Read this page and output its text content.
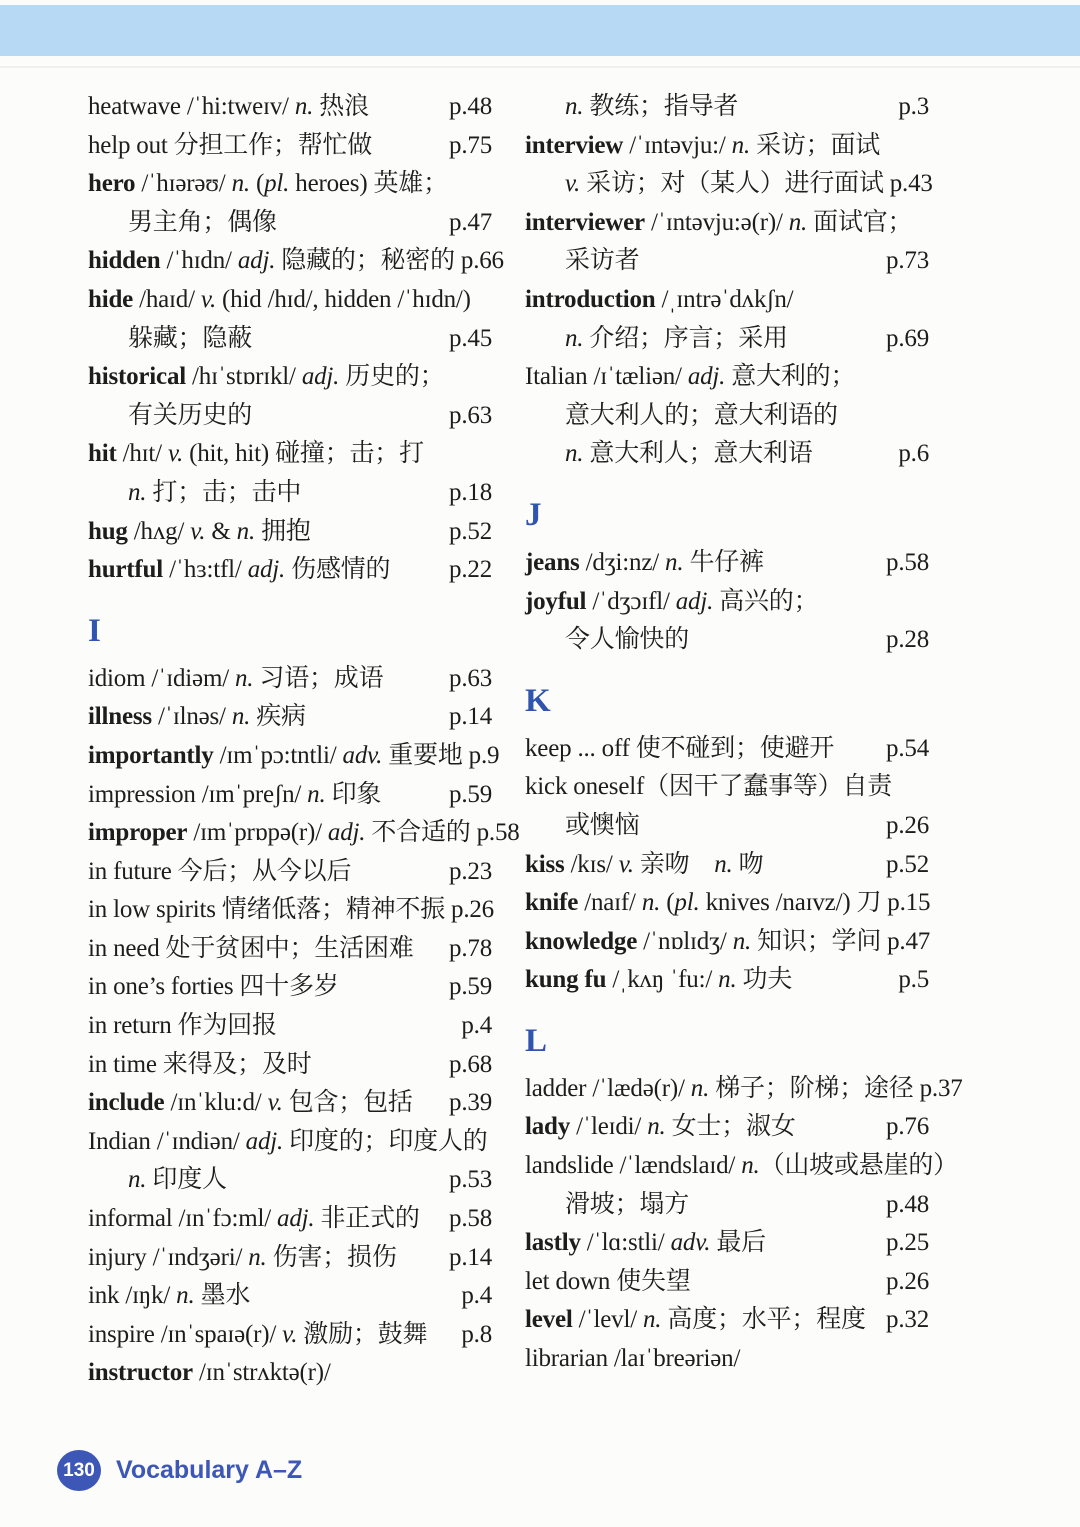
heatwave /ˈhi:tweɪv/ n. 热浪	p.48
help out 分担工作；帮忙做	p.75
hero /ˈhɪərəʊ/ n. (pl. heroes) 英雄；
男主角；偶像	p.47
hidden /ˈhɪdn/ adj. 隐藏的；秘密的 p.66
hide /haɪd/ v. (hid /hɪd/, hidden /ˈhɪdn/)
躲藏；隐蔽	p.45
historical /hɪˈstɒrɪkl/ adj. 历史的；
有关历史的	p.63
hit /hɪt/ v. (hit, hit) 碰撞；击；打
n. 打；击；击中	p.18
hug /hʌg/ v. & n. 拥抱	p.52
hurtful /ˈhɜ:tfl/ adj. 伤感情的 p.22
I
idiom /ˈɪdiəm/ n. 习语；成语	p.63
illness /ˈɪlnəs/ n. 疾病	p.14
importantly /ɪmˈpɔ:tntli/ adv. 重要地 p.9
impression /ɪmˈpreʃn/ n. 印象	p.59
improper /ɪmˈprɒpə(r)/ adj. 不合适的 p.58
in future 今后；从今以后	p.23
in low spirits 情绪低落；精神不振 p.26
in need 处于贫困中；生活困难 p.78
in one’s forties 四十多岁	p.59
in return 作为回报	p.4
in time 来得及；及时	p.68
include /ɪnˈklu:d/ v. 包含；包括 p.39
Indian /ˈɪndiən/ adj. 印度的；印度人的
n. 印度人	p.53
informal /ɪnˈfɔ:ml/ adj. 非正式的 p.58
injury /ˈɪndʒəri/ n. 伤害；损伤 p.14
ink /ɪŋk/ n. 墨水	p.4
inspire /ɪnˈspaɪə(r)/ v. 激励；鼓舞 p.8
instructor /ɪnˈstrʌktə(r)/
n. 教练；指导者	p.3
interview /ˈɪntəvju:/ n. 采访；面试
v. 采访；对（某人）进行面试 p.43
interviewer /ˈɪntəvju:ə(r)/ n. 面试官；
采访者	p.73
introduction /ˌɪntrəˈdʌkʃn/
n. 介绍；序言；采用	p.69
Italian /ɪˈtæliən/ adj. 意大利的；
意大利人的；意大利语的
n. 意大利人；意大利语	p.6
J
jeans /dʒi:nz/ n. 牛仔裤	p.58
joyful /ˈdʒɔɪfl/ adj. 高兴的；
令人愉快的	p.28
K
keep ... off 使不碰到；使避开 p.54
kick oneself（因干了蠢事等）自责
或懊恼	p.26
kiss /kɪs/ v. 亲吻　n. 吻	p.52
knife /naɪf/ n. (pl. knives /naɪvz/) 刀 p.15
knowledge /ˈnɒlɪdʒ/ n. 知识；学问 p.47
kung fu /ˌkʌŋ ˈfu:/ n. 功夫	p.5
L
ladder /ˈlædə(r)/ n. 梯子；阶梯；途径 p.37
lady /ˈleɪdi/ n. 女士；淑女	p.76
landslide /ˈlændslaɪd/ n.（山坡或悬崖的）
滑坡；塌方	p.48
lastly /ˈlɑ:stli/ adv. 最后	p.25
let down 使失望	p.26
level /ˈlevl/ n. 高度；水平；程度 p.32
librarian /laɪˈbreəriən/
130 Vocabulary A–Z
